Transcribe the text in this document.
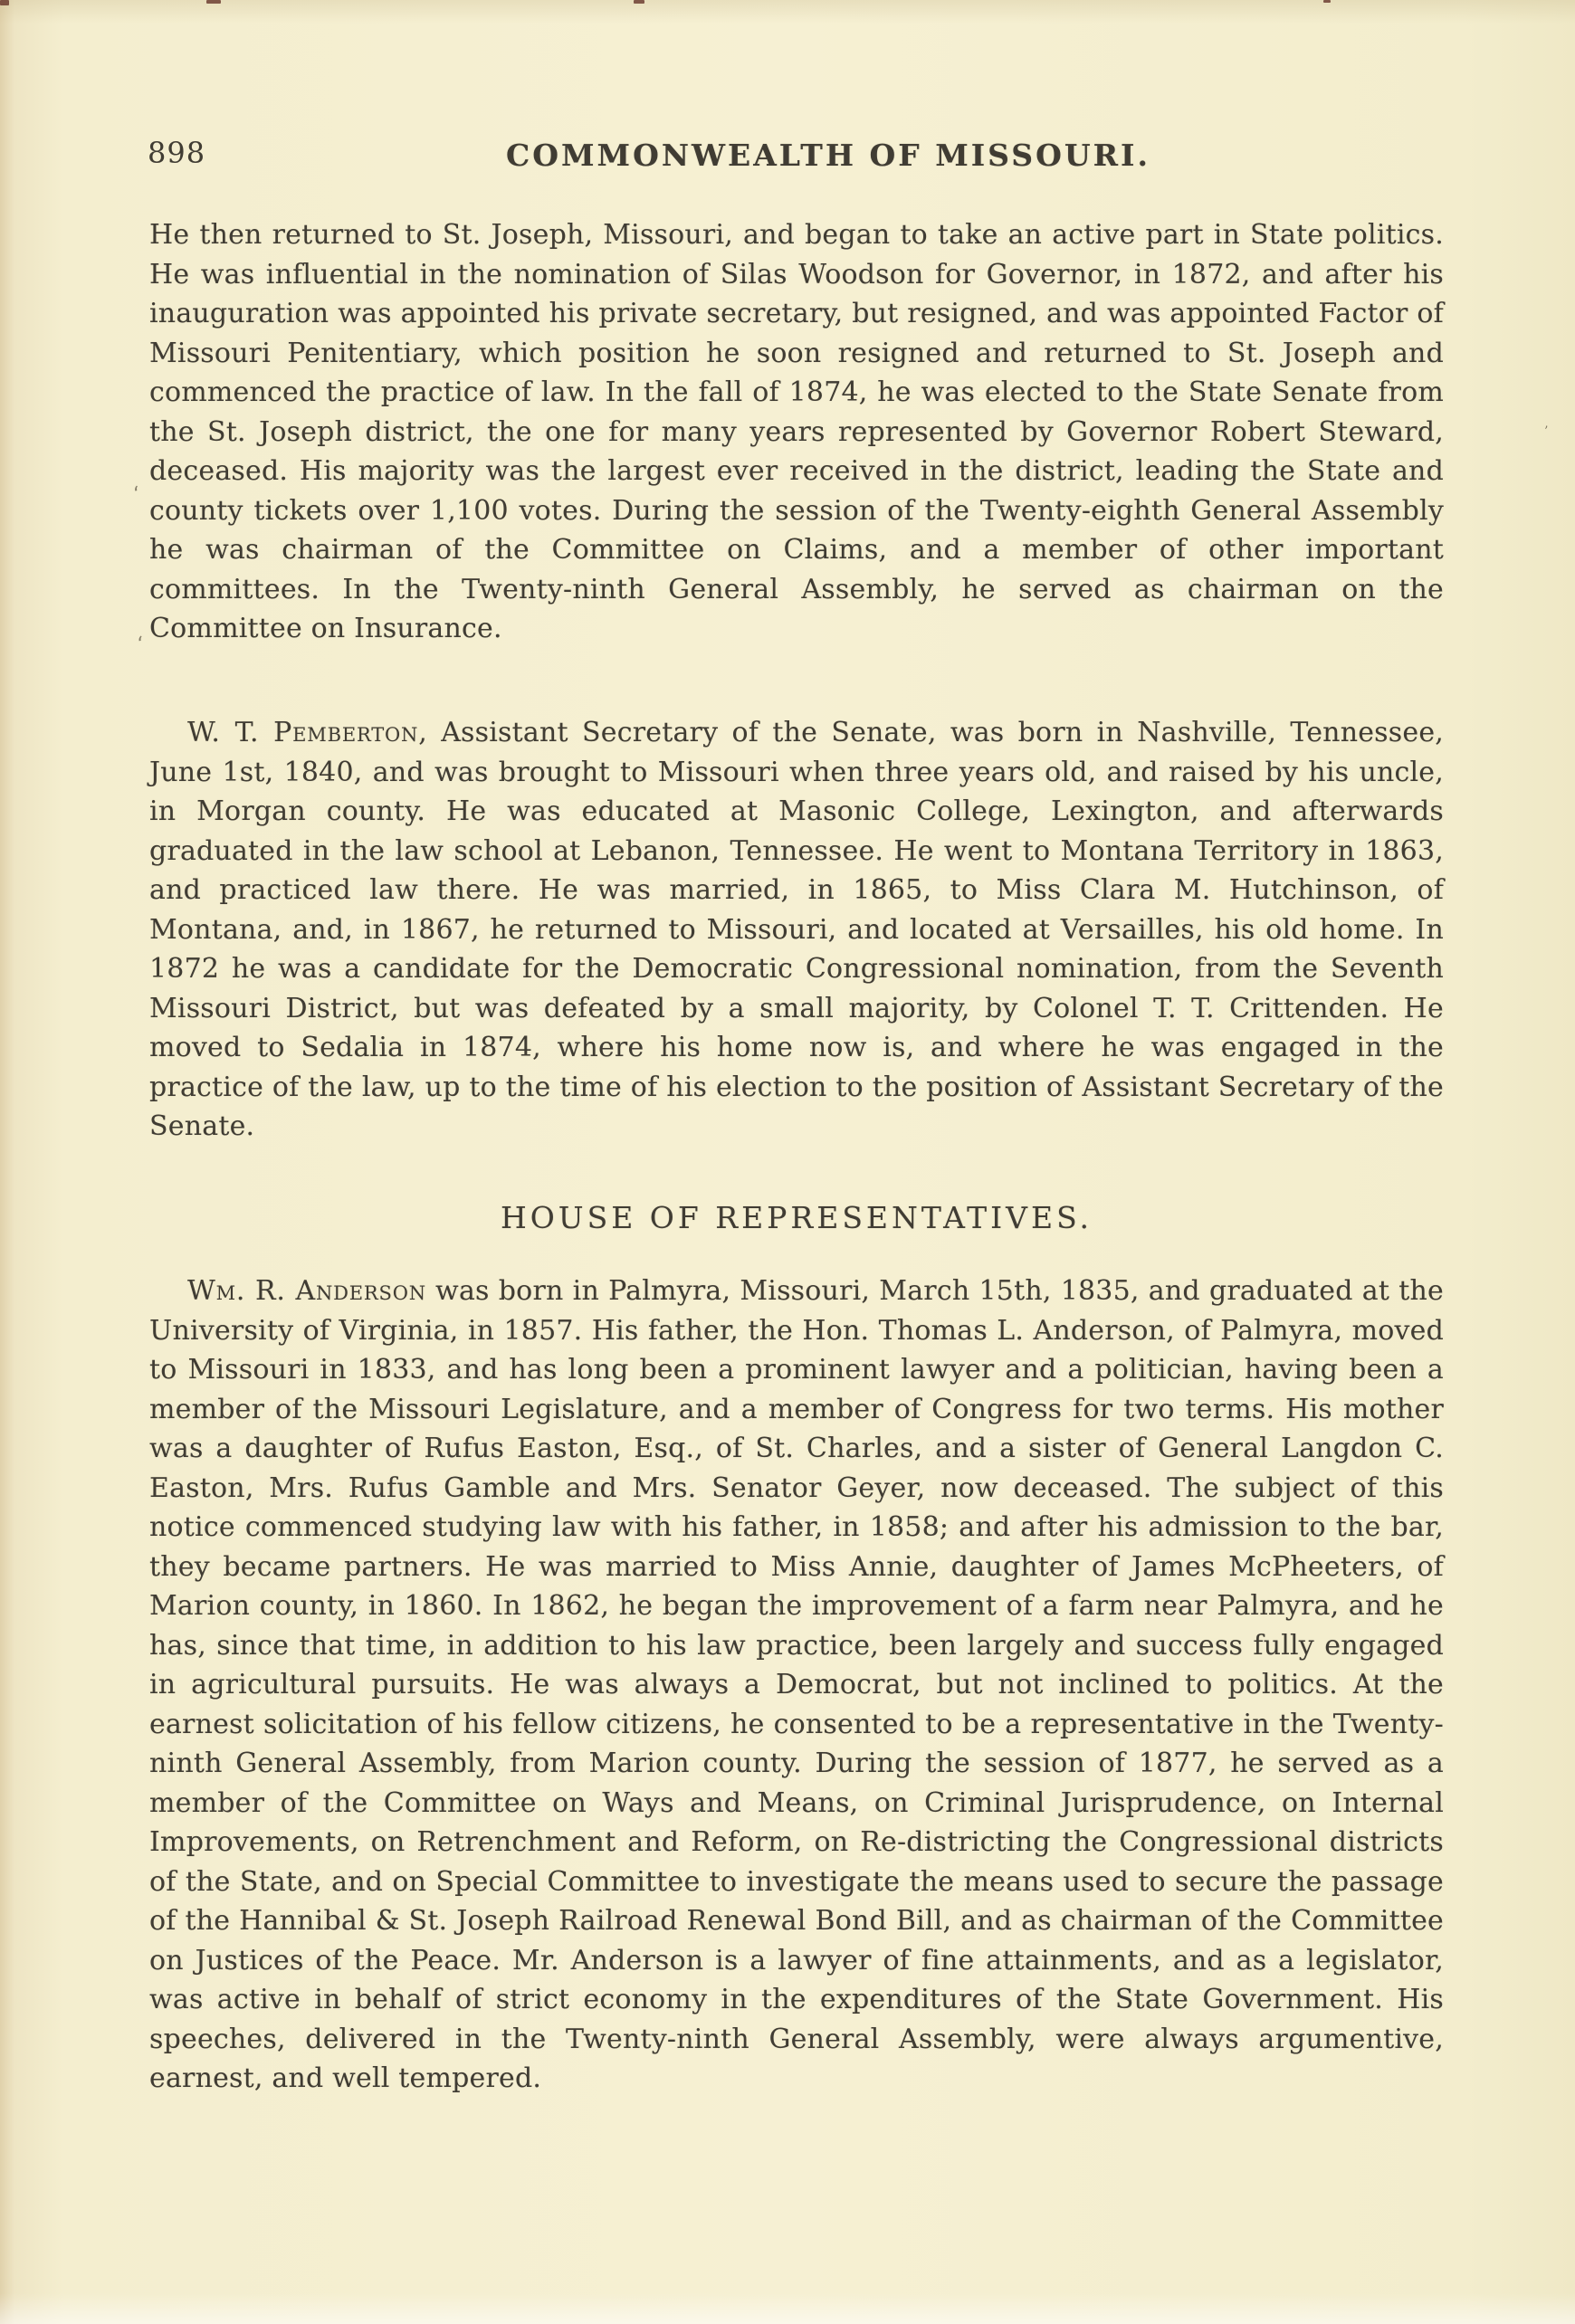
‘
‘
’
898	COMMONWEALTH OF MISSOURI.

He then returned to St. Joseph, Missouri, and began to take an active part in State politics. He was influential in the nomination of Silas Woodson for Governor, in 1872, and after his inauguration was appointed his private secretary, but resigned, and was appointed Factor of Missouri Penitentiary, which position he soon resigned and returned to St. Joseph and commenced the practice of law. In the fall of 1874, he was elected to the State Senate from the St. Joseph district, the one for many years represented by Governor Robert Steward, deceased. His majority was the largest ever received in the district, leading the State and county tickets over 1,100 votes. During the session of the Twenty-eighth General Assembly he was chairman of the Committee on Claims, and a member of other important committees. In the Twenty-ninth General Assembly, he served as chairman on the Committee on Insurance.

W. T. Pemberton, Assistant Secretary of the Senate, was born in Nashville, Tennessee, June 1st, 1840, and was brought to Missouri when three years old, and raised by his uncle, in Morgan county. He was educated at Masonic College, Lexington, and afterwards graduated in the law school at Lebanon, Tennessee. He went to Montana Territory in 1863, and practiced law there. He was married, in 1865, to Miss Clara M. Hutchinson, of Montana, and, in 1867, he returned to Missouri, and located at Versailles, his old home. In 1872 he was a candidate for the Democratic Congressional nomination, from the Seventh Missouri District, but was defeated by a small majority, by Colonel T. T. Crittenden. He moved to Sedalia in 1874, where his home now is, and where he was engaged in the practice of the law, up to the time of his election to the position of Assistant Secretary of the Senate.

HOUSE OF REPRESENTATIVES.

Wm. R. Anderson was born in Palmyra, Missouri, March 15th, 1835, and graduated at the University of Virginia, in 1857. His father, the Hon. Thomas L. Anderson, of Palmyra, moved to Missouri in 1833, and has long been a prominent lawyer and a politician, having been a member of the Missouri Legislature, and a member of Congress for two terms. His mother was a daughter of Rufus Easton, Esq., of St. Charles, and a sister of General Langdon C. Easton, Mrs. Rufus Gamble and Mrs. Senator Geyer, now deceased. The subject of this notice commenced studying law with his father, in 1858; and after his admission to the bar, they became partners. He was married to Miss Annie, daughter of James McPheeters, of Marion county, in 1860. In 1862, he began the improvement of a farm near Palmyra, and he has, since that time, in addition to his law practice, been largely and success fully engaged in agricultural pursuits. He was always a Democrat, but not inclined to politics. At the earnest solicitation of his fellow citizens, he consented to be a representative in the Twenty-ninth General Assembly, from Marion county. During the session of 1877, he served as a member of the Committee on Ways and Means, on Criminal Jurisprudence, on Internal Improvements, on Retrenchment and Reform, on Re-districting the Congressional districts of the State, and on Special Committee to investigate the means used to secure the passage of the Hannibal & St. Joseph Railroad Renewal Bond Bill, and as chairman of the Committee on Justices of the Peace. Mr. Anderson is a lawyer of fine attainments, and as a legislator, was active in behalf of strict economy in the expenditures of the State Government. His speeches, delivered in the Twenty-ninth General Assembly, were always argumentive, earnest, and well tempered.
